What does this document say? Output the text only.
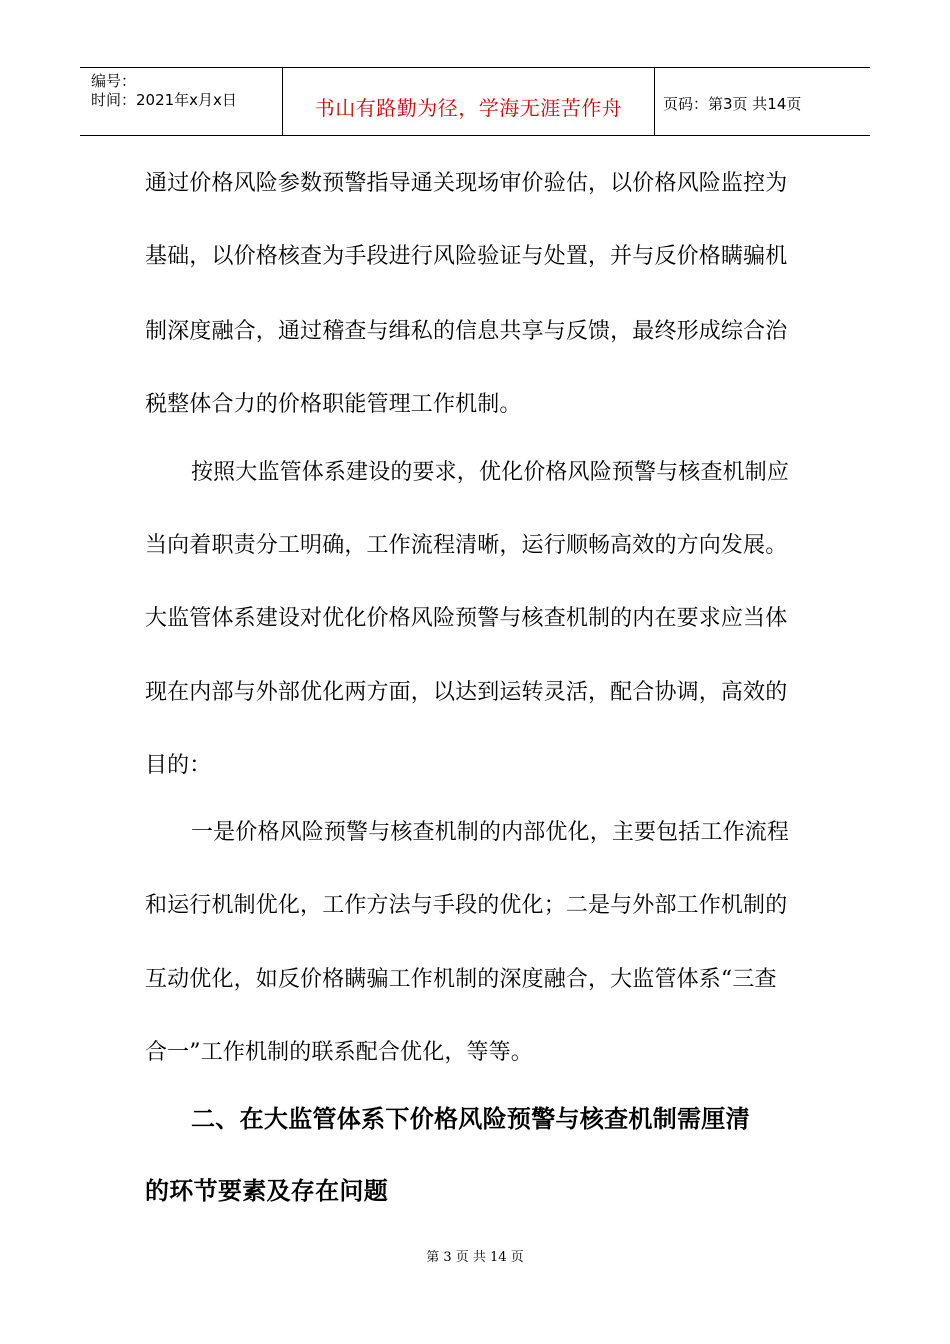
编号：
时间：2021年x月x日	书山有路勤为径，学海无涯苦作舟	页码：第3页 共14页
通过价格风险参数预警指导通关现场审价验估，以价格风险监控为
基础，以价格核查为手段进行风险验证与处置，并与反价格瞒骗机
制深度融合，通过稽查与缉私的信息共享与反馈，最终形成综合治
税整体合力的价格职能管理工作机制。
按照大监管体系建设的要求，优化价格风险预警与核查机制应
当向着职责分工明确，工作流程清晰，运行顺畅高效的方向发展。
大监管体系建设对优化价格风险预警与核查机制的内在要求应当体
现在内部与外部优化两方面，以达到运转灵活，配合协调，高效的
目的：
一是价格风险预警与核查机制的内部优化，主要包括工作流程
和运行机制优化，工作方法与手段的优化；二是与外部工作机制的
互动优化，如反价格瞒骗工作机制的深度融合，大监管体系“三查
合一”工作机制的联系配合优化，等等。
二、在大监管体系下价格风险预警与核查机制需厘清
的环节要素及存在问题
第 3 页 共 14 页
